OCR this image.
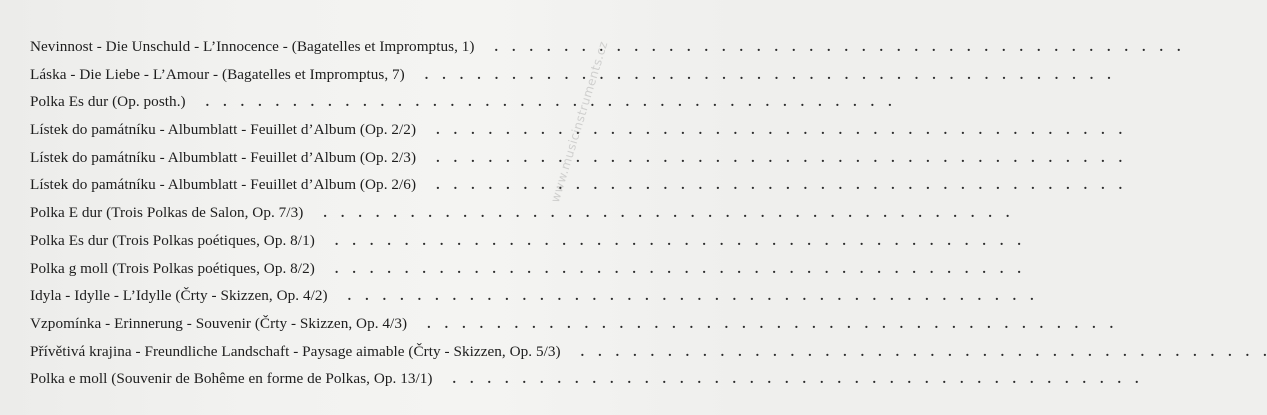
Nevinnost - Die Unschuld - L’Innocence - (Bagatelles et Impromptus, 1) . . . . . . . . . . . . . . . . . . . . . . . . . . . . . . . . . . . . . . . .
Láska - Die Liebe - L’Amour - (Bagatelles et Impromptus, 7) . . . . . . . . . . . . . . . . . . . . . . . . . . . . . . . . . . . . . . . .
Polka Es dur (Op. posth.) . . . . . . . . . . . . . . . . . . . . . . . . . . . . . . . . . . . . . . . .
Lístek do památníku - Albumblatt - Feuillet d’Album (Op. 2/2) . . . . . . . . . . . . . . . . . . . . . . . . . . . . . . . . . . . . . . . .
Lístek do památníku - Albumblatt - Feuillet d’Album (Op. 2/3) . . . . . . . . . . . . . . . . . . . . . . . . . . . . . . . . . . . . . . . .
Lístek do památníku - Albumblatt - Feuillet d’Album (Op. 2/6) . . . . . . . . . . . . . . . . . . . . . . . . . . . . . . . . . . . . . . . .
Polka E dur (Trois Polkas de Salon, Op. 7/3) . . . . . . . . . . . . . . . . . . . . . . . . . . . . . . . . . . . . . . . .
Polka Es dur (Trois Polkas poétiques, Op. 8/1) . . . . . . . . . . . . . . . . . . . . . . . . . . . . . . . . . . . . . . . .
Polka g moll (Trois Polkas poétiques, Op. 8/2) . . . . . . . . . . . . . . . . . . . . . . . . . . . . . . . . . . . . . . . .
Idyla - Idylle - L’Idylle (Črty - Skizzen, Op. 4/2) . . . . . . . . . . . . . . . . . . . . . . . . . . . . . . . . . . . . . . . .
Vzpomínka - Erinnerung - Souvenir (Črty - Skizzen, Op. 4/3) . . . . . . . . . . . . . . . . . . . . . . . . . . . . . . . . . . . . . . . .
Přívětivá krajina - Freundliche Landschaft - Paysage aimable (Črty - Skizzen, Op. 5/3) . . . . . . . . . . . . . . . . . . . . . . . . . . . . . . . . . . . . . . . .
Polka e moll (Souvenir de Bohême en forme de Polkas, Op. 13/1) . . . . . . . . . . . . . . . . . . . . . . . . . . . . . . . . . . . . . . . .
www.musicinstruments.cz
